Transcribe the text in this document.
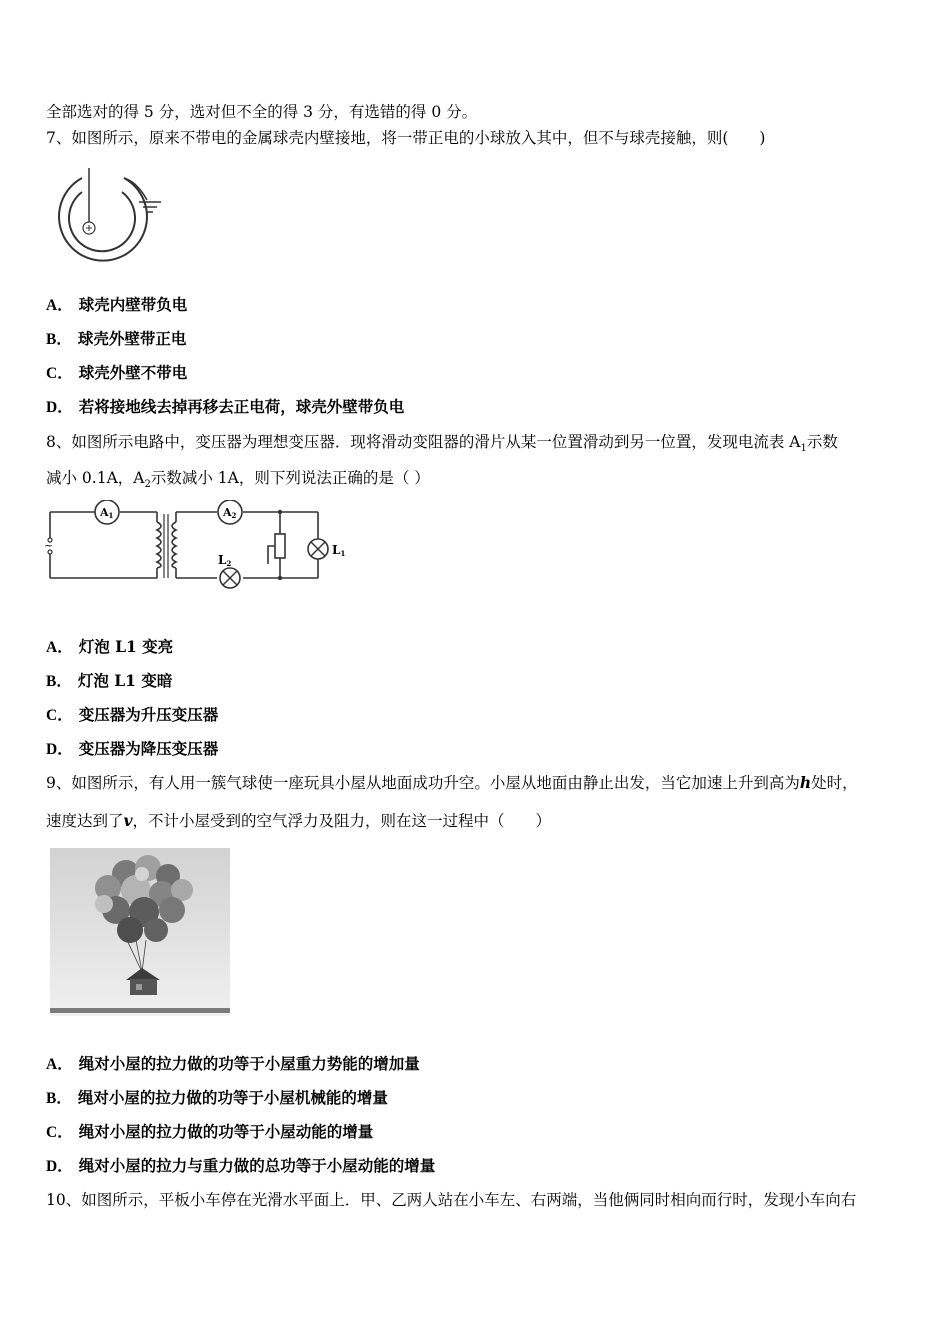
全部选对的得 5 分，选对但不全的得 3 分，有选错的得 0 分。
7、如图所示，原来不带电的金属球壳内壁接地，将一带正电的小球放入其中，但不与球壳接触，则(　　)
A． 球壳内壁带负电
B． 球壳外壁带正电
C． 球壳外壁不带电
D． 若将接地线去掉再移去正电荷，球壳外壁带负电
8、如图所示电路中，变压器为理想变压器．现将滑动变阻器的滑片从某一位置滑动到另一位置，发现电流表 $A_1$示数
减小 0.1A，$A_2$示数减小 1A，则下列说法正确的是（ ）
~
A1	A2
L1
L2
A． 灯泡 L1 变亮
B． 灯泡 L1 变暗
C． 变压器为升压变压器
D． 变压器为降压变压器
9、如图所示，有人用一簇气球使一座玩具小屋从地面成功升空。小屋从地面由静止出发，当它加速上升到高为h处时，
速度达到了v，不计小屋受到的空气浮力及阻力，则在这一过程中（　　）
A． 绳对小屋的拉力做的功等于小屋重力势能的增加量
B． 绳对小屋的拉力做的功等于小屋机械能的增量
C． 绳对小屋的拉力做的功等于小屋动能的增量
D． 绳对小屋的拉力与重力做的总功等于小屋动能的增量
10、如图所示，平板小车停在光滑水平面上．甲、乙两人站在小车左、右两端，当他俩同时相向而行时，发现小车向右
